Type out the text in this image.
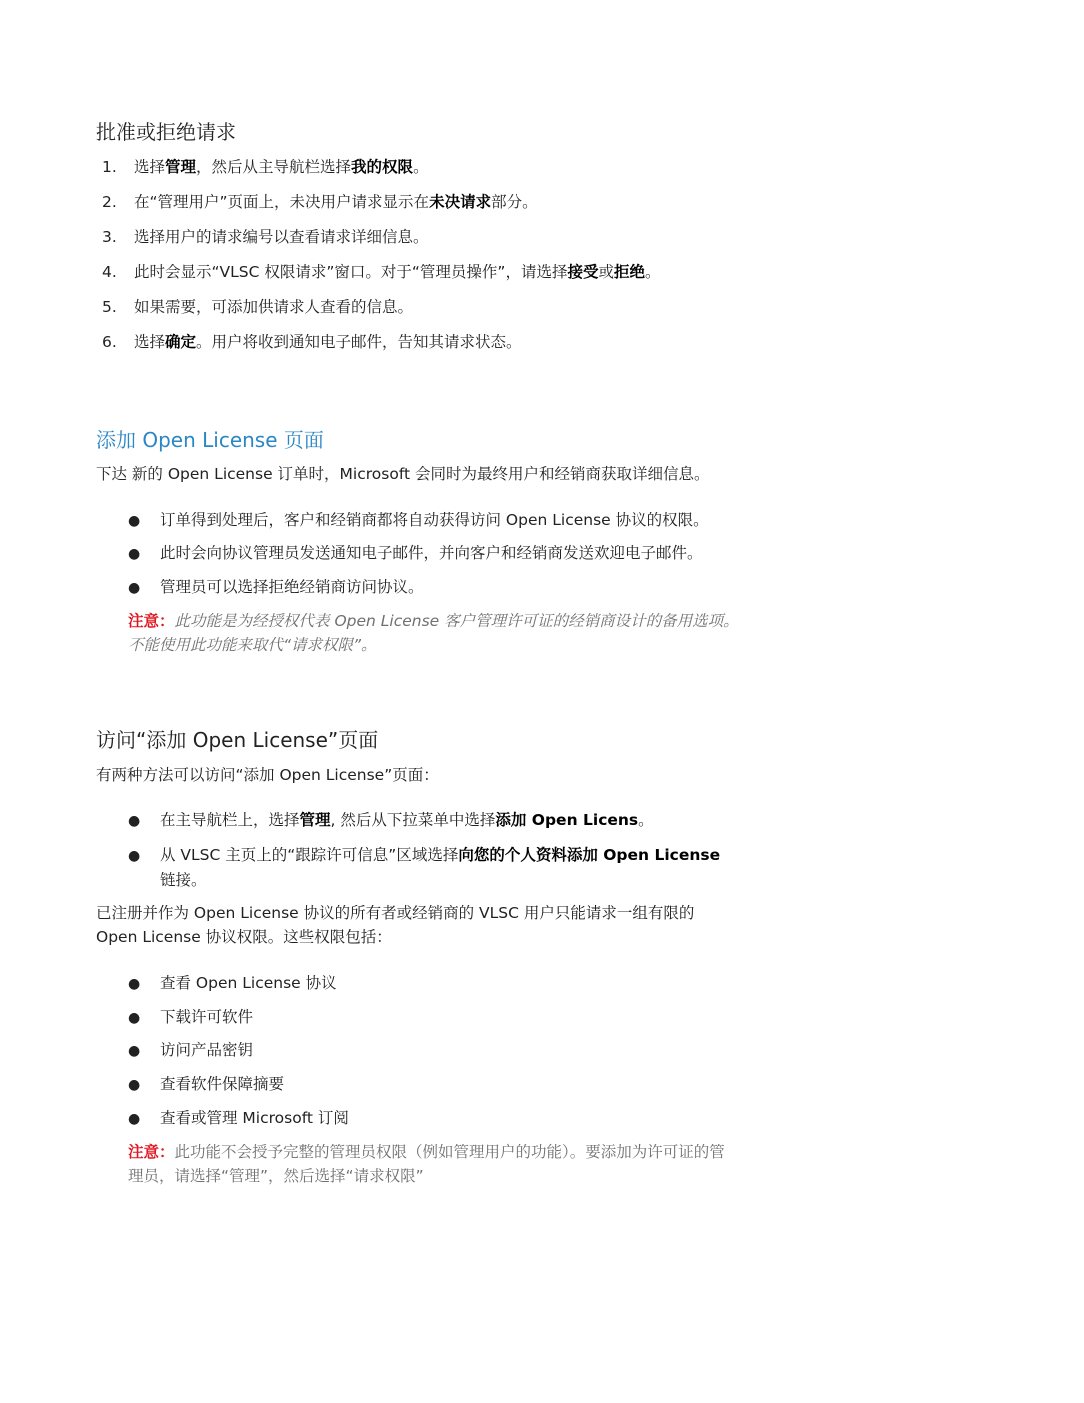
批准或拒绝请求
1. 选择管理，然后从主导航栏选择我的权限。
2. 在“管理用户”页面上，未决用户请求显示在未决请求部分。
3. 选择用户的请求编号以查看请求详细信息。
4. 此时会显示“VLSC 权限请求”窗口。对于“管理员操作”，请选择接受或拒绝。
5. 如果需要，可添加供请求人查看的信息。
6. 选择确定。用户将收到通知电子邮件，告知其请求状态。
添加 Open License 页面
下达 新的 Open License 订单时，Microsoft 会同时为最终用户和经销商获取详细信息。
● 订单得到处理后，客户和经销商都将自动获得访问 Open License 协议的权限。
● 此时会向协议管理员发送通知电子邮件，并向客户和经销商发送欢迎电子邮件。
● 管理员可以选择拒绝经销商访问协议。
注意：此功能是为经授权代表 Open License 客户管理许可证的经销商设计的备用选项。
不能使用此功能来取代“请求权限”。
访问“添加 Open License”页面
有两种方法可以访问“添加 Open License”页面：
● 在主导航栏上，选择管理, 然后从下拉菜单中选择添加 Open Licens。
● 从 VLSC 主页上的“跟踪许可信息”区域选择向您的个人资料添加 Open License
链接。
已注册并作为 Open License 协议的所有者或经销商的 VLSC 用户只能请求一组有限的
Open License 协议权限。这些权限包括：
● 查看 Open License 协议
● 下载许可软件
● 访问产品密钥
● 查看软件保障摘要
● 查看或管理 Microsoft 订阅
注意：此功能不会授予完整的管理员权限（例如管理用户的功能）。要添加为许可证的管
理员，请选择“管理”，然后选择“请求权限”
